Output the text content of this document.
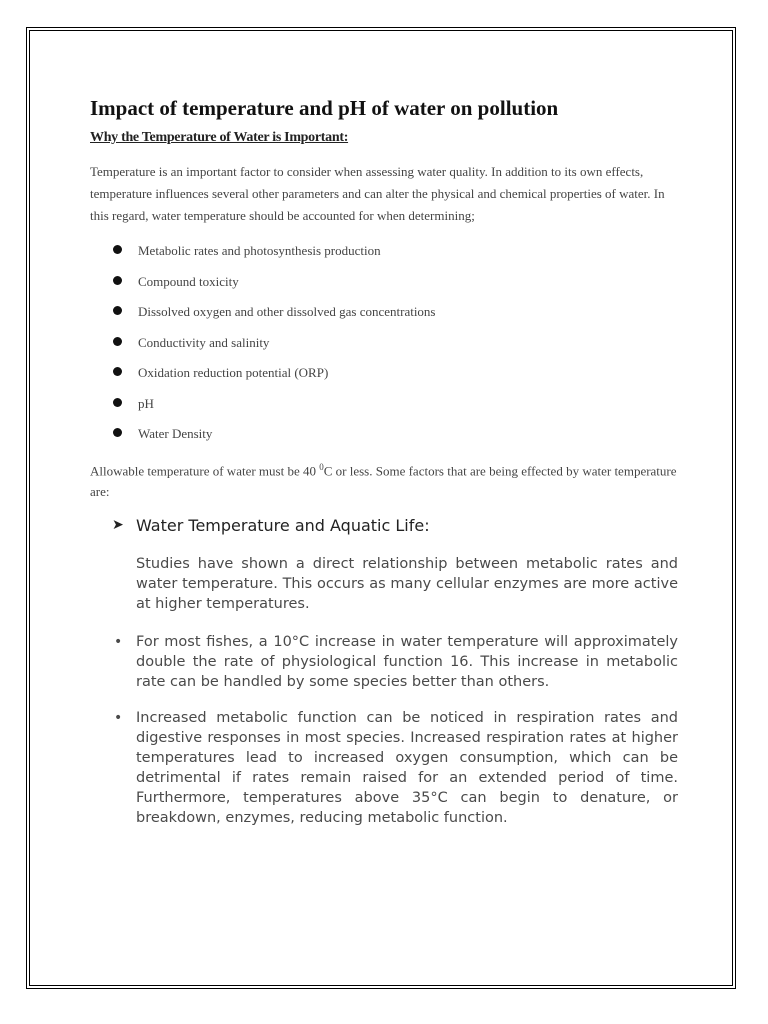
Impact of temperature and pH of water on pollution
Why the Temperature of Water is Important:

Temperature is an important factor to consider when assessing water quality. In addition to its own effects, temperature influences several other parameters and can alter the physical and chemical properties of water. In this regard, water temperature should be accounted for when determining;

Metabolic rates and photosynthesis production
Compound toxicity
Dissolved oxygen and other dissolved gas concentrations
Conductivity and salinity
Oxidation reduction potential (ORP)
pH
Water Density

Allowable temperature of water must be 40 $^0$C or less. Some factors that are being effected by water temperature are:

➤ Water Temperature and Aquatic Life:

Studies have shown a direct relationship between metabolic rates and water temperature. This occurs as many cellular enzymes are more active at higher temperatures.

• For most fishes, a 10°C increase in water temperature will approximately double the rate of physiological function 16. This increase in metabolic rate can be handled by some species better than others.
• Increased metabolic function can be noticed in respiration rates and digestive responses in most species. Increased respiration rates at higher temperatures lead to increased oxygen consumption, which can be detrimental if rates remain raised for an extended period of time. Furthermore, temperatures above 35°C can begin to denature, or breakdown, enzymes, reducing metabolic function.
